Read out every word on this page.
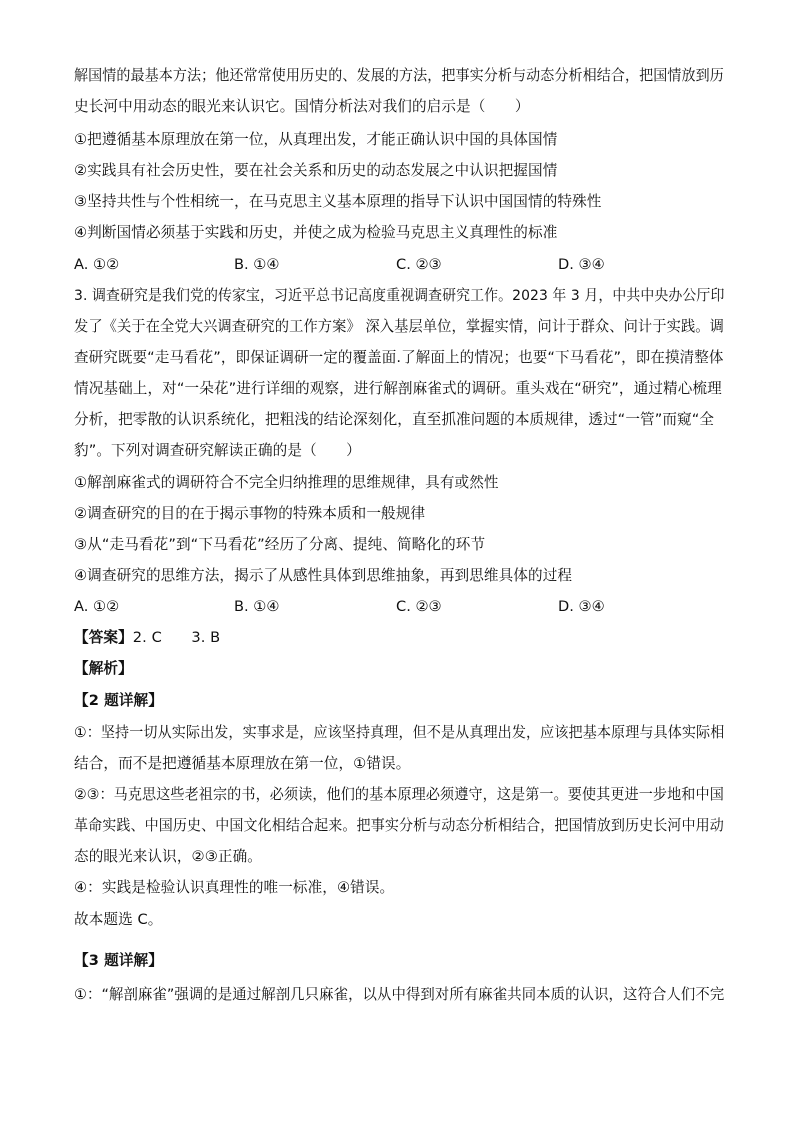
解国情的最基本方法；他还常常使用历史的、发展的方法，把事实分析与动态分析相结合，把国情放到历
史长河中用动态的眼光来认识它。国情分析法对我们的启示是（　　）
①把遵循基本原理放在第一位，从真理出发，才能正确认识中国的具体国情
②实践具有社会历史性，要在社会关系和历史的动态发展之中认识把握国情
③坚持共性与个性相统一，在马克思主义基本原理的指导下认识中国国情的特殊性
④判断国情必须基于实践和历史，并使之成为检验马克思主义真理性的标准
A. ①②	B. ①④	C. ②③	D. ③④
3. 调查研究是我们党的传家宝，习近平总书记高度重视调查研究工作。2023 年 3 月，中共中央办公厅印
发了《关于在全党大兴调查研究的工作方案》 深入基层单位，掌握实情，问计于群众、问计于实践。调
查研究既要“走马看花”，即保证调研一定的覆盖面.了解面上的情况；也要“下马看花”，即在摸清整体
情况基础上，对“一朵花”进行详细的观察，进行解剖麻雀式的调研。重头戏在“研究”，通过精心梳理
分析，把零散的认识系统化，把粗浅的结论深刻化，直至抓准问题的本质规律，透过“一管”而窥“全
豹”。下列对调查研究解读正确的是（　　）
①解剖麻雀式的调研符合不完全归纳推理的思维规律，具有或然性
②调查研究的目的在于揭示事物的特殊本质和一般规律
③从“走马看花”到“下马看花”经历了分离、提纯、简略化的环节
④调查研究的思维方法，揭示了从感性具体到思维抽象，再到思维具体的过程
A. ①②	B. ①④	C. ②③	D. ③④
【答案】2. C　　3. B
【解析】
【2 题详解】
①：坚持一切从实际出发，实事求是，应该坚持真理，但不是从真理出发，应该把基本原理与具体实际相
结合，而不是把遵循基本原理放在第一位，①错误。
②③：马克思这些老祖宗的书，必须读，他们的基本原理必须遵守，这是第一。要使其更进一步地和中国
革命实践、中国历史、中国文化相结合起来。把事实分析与动态分析相结合，把国情放到历史长河中用动
态的眼光来认识，②③正确。
④：实践是检验认识真理性的唯一标准，④错误。
故本题选 C。
【3 题详解】
①：“解剖麻雀”强调的是通过解剖几只麻雀，以从中得到对所有麻雀共同本质的认识，这符合人们不完
